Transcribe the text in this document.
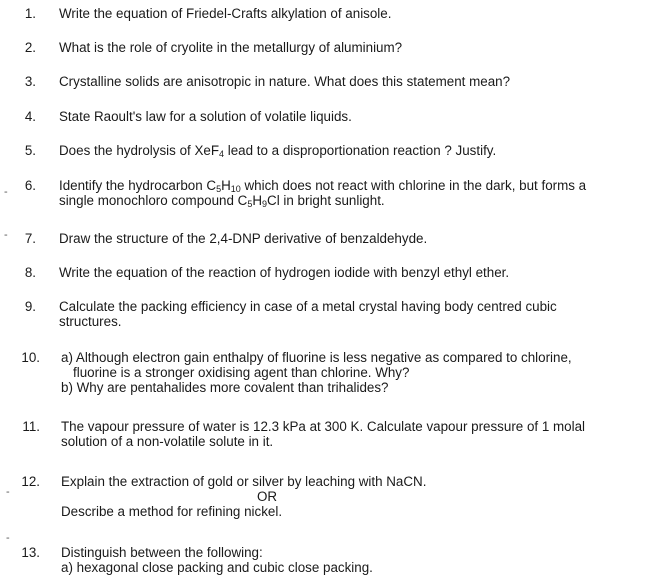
1. Write the equation of Friedel-Crafts alkylation of anisole.
2. What is the role of cryolite in the metallurgy of aluminium?
3. Crystalline solids are anisotropic in nature. What does this statement mean?
4. State Raoult's law for a solution of volatile liquids.
5. Does the hydrolysis of XeF$_4$ lead to a disproportionation reaction ? Justify.
6. Identify the hydrocarbon $C_5H_{10}$ which does not react with chlorine in the dark, but forms a
single monochloro compound $C_5H_9Cl$ in bright sunlight.
7. Draw the structure of the 2,4-DNP derivative of benzaldehyde.
8. Write the equation of the reaction of hydrogen iodide with benzyl ethyl ether.
9. Calculate the packing efficiency in case of a metal crystal having body centred cubic
structures.
10. a) Although electron gain enthalpy of fluorine is less negative as compared to chlorine,
fluorine is a stronger oxidising agent than chlorine. Why?
b) Why are pentahalides more covalent than trihalides?
11. The vapour pressure of water is 12.3 kPa at 300 K. Calculate vapour pressure of 1 molal
solution of a non-volatile solute in it.
12. Explain the extraction of gold or silver by leaching with NaCN.
OR
Describe a method for refining nickel.
13. Distinguish between the following:
a) hexagonal close packing and cubic close packing.
-
-
-
-
